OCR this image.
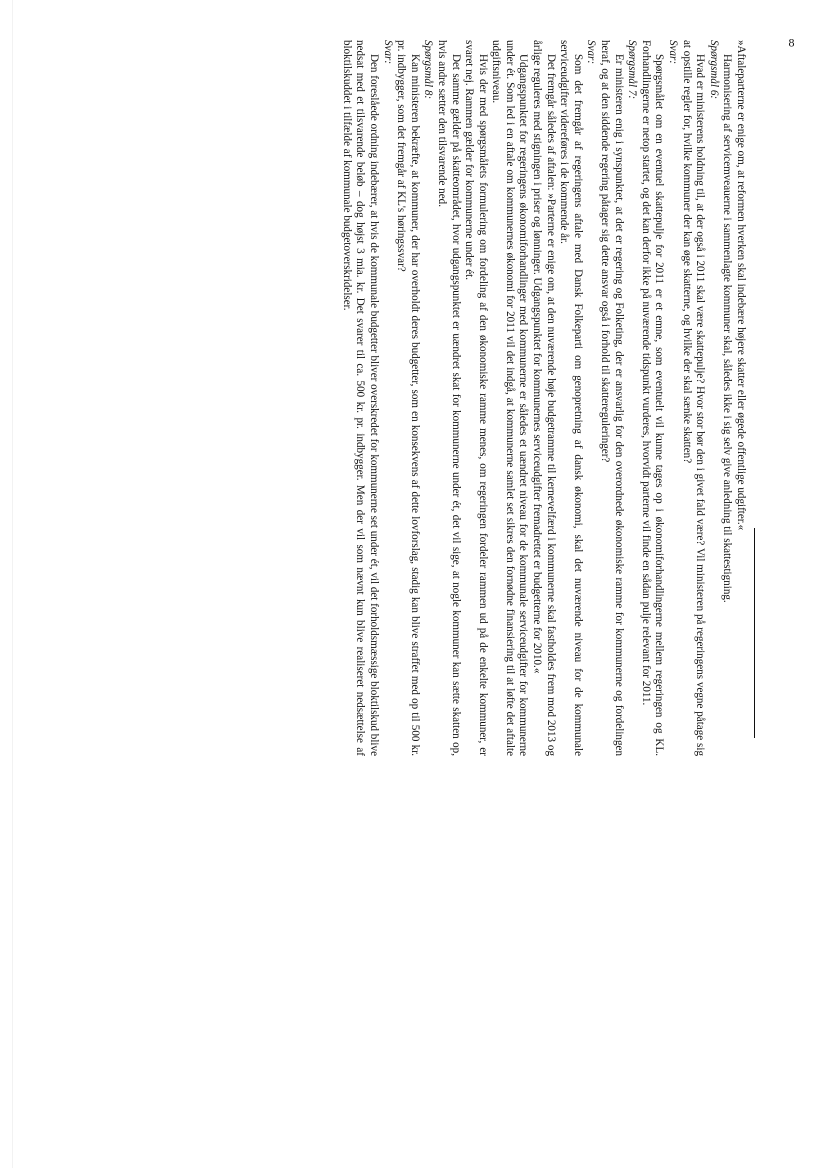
8

»Aftaleparterne er enige om, at reformen hverken skal indebære højere skatter eller øgede offentlige udgifter.«

Harmonisering af servicemveauerne i sammenlagte kommuner skal, således ikke i sig selv give anledning til skattestigning.

Spørgsmål 6:

Hvad er ministerens holdning til, at der også i 2011 skal være skattepulje? Hvor stor bør den i givet fald være? Vil ministeren på regeringens vegne påtage sig at opstille regler for, hvilke kommuner der kan øge skatterne, og hvilke der skal sænke skatten?

Svar:

Spørgsmålet om en eventuel skattepulje for 2011 er et emne, som eventuelt vil kunne tages op i økonomiforhandlingerne mellem regeringen og KL. Forhandlingerne er netop startet, og det kan derfor ikke på nuværende tidspunkt vurderes, hvorvidt parterne vil finde en sådan pulje relevant for 2011.

Spørgsmål 7:

Er ministeren enig i synspunktet, at det er regering og Folketing, der er ansvarlig for den overordnede økonomiske ramme for kommunerne og fordelingen heraf, og at den siddende regering påtager sig dette ansvar også i forhold til skattereguleringer?

Svar:

Som det fremgår af regeringens aftale med Dansk Folkeparti om genopretning af dansk økonomi, skal det nuværende niveau for de kommunale serviceudgifter videreføres i de kommende år.

Det fremgår således af aftalen: »Parterne er enige om, at den nuværende høje budgetramme til kernevelfærd i kommunerne skal fastholdes frem mod 2013 og årlige reguleres med stigningen i priser og lønninger. Udgangspunktet for kommunernes serviceudgifter fremadrettet er budgetterne for 2010.«

Udgangspunktet for regeringens økonomiforhandlinger med kommunerne er således et uændret niveau for de kommunale serviceudgifter for kommunerne under ét. Som led i en aftale om kommunernes økonomi for 2011 vil det indgå, at kommunerne samlet set sikres den fornødne finansiering til at løfte det aftalte udgiftsniveau.

Hvis der med spørgsmålets formulering om fordeling af den økonomiske ramme menes, om regeringen fordeler rammen ud på de enkelte kommuner, er svaret nej. Rammen gælder for kommunerne under ét.

Det samme gælder på skatteområdet, hvor udgangspunktet er uændret skat for kommunerne under ét, det vil sige, at nogle kommuner kan sætte skatten op, hvis andre sætter den tilsvarende ned.

Spørgsmål 8:

Kan ministeren bekræfte, at kommuner, der har overholdt deres budgetter, som en konsekvens af dette lovforslag, stadig kan blive straffet med op til 500 kr. pr. indbygger, som det fremgår af KL's høringssvar?

Svar:

Den foreslåede ordning indebærer, at hvis de kommunale budgetter bliver overskredet for kommunerne set under ét, vil det forholdsmæssige bloktilskud blive nedsat med et tilsvarende beløb – dog højst 3 mia. kr. Det svarer til ca. 500 kr. pr. indbygger. Men der vil som nævnt kun blive realiseret nedsættelse af bloktilskuddet i tilfælde af kommunale budgetoverskridelser.
